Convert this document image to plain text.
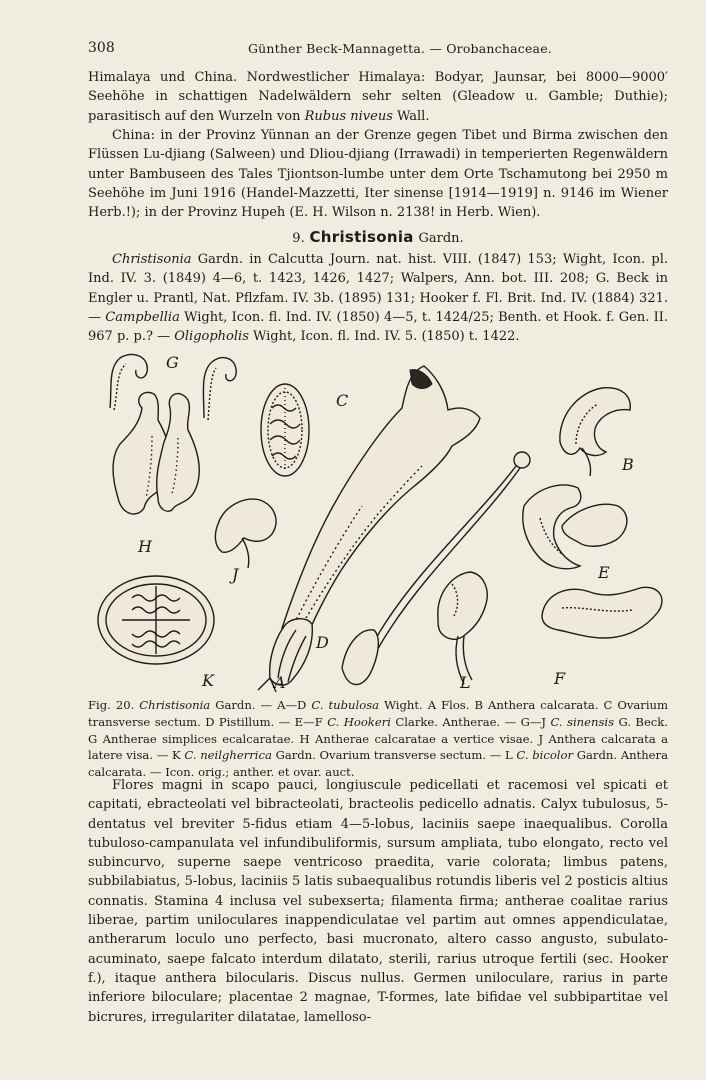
308	Günther Beck-Mannagetta. — Orobanchaceae.

Himalaya und China. Nordwestlicher Himalaya: Bodyar, Jaunsar, bei 8000—9000′ Seehöhe in schattigen Nadelwäldern sehr selten (Gleadow u. Gamble; Duthie); parasitisch auf den Wurzeln von Rubus niveus Wall.

China: in der Provinz Yünnan an der Grenze gegen Tibet und Birma zwischen den Flüssen Lu-djiang (Salween) und Dliou-djiang (Irrawadi) in temperierten Regenwäldern unter Bambuseen des Tales Tjiontson-lumbe unter dem Orte Tschamutong bei 2950 m Seehöhe im Juni 1916 (Handel-Mazzetti, Iter sinense [1914—1919] n. 9146 im Wiener Herb.!); in der Provinz Hupeh (E. H. Wilson n. 2138! in Herb. Wien).

9. Christisonia Gardn.

Christisonia Gardn. in Calcutta Journ. nat. hist. VIII. (1847) 153; Wight, Icon. pl. Ind. IV. 3. (1849) 4—6, t. 1423, 1426, 1427; Walpers, Ann. bot. III. 208; G. Beck in Engler u. Prantl, Nat. Pflzfam. IV. 3b. (1895) 131; Hooker f. Fl. Brit. Ind. IV. (1884) 321. — Campbellia Wight, Icon. fl. Ind. IV. (1850) 4—5, t. 1424/25; Benth. et Hook. f. Gen. II. 967 p. p.? — Oligopholis Wight, Icon. fl. Ind. IV. 5. (1850) t. 1422.

G
C
B
H
J	E
D
K	A	L	F
Fig. 20. Christisonia Gardn. — A—D C. tubulosa Wight. A Flos. B Anthera calcarata. C Ovarium transverse sectum. D Pistillum. — E—F C. Hookeri Clarke. Antherae. — G—J C. sinensis G. Beck. G Antherae simplices ecalcaratae. H Antherae calcaratae a vertice visae. J Anthera calcarata a latere visa. — K C. neilgherrica Gardn. Ovarium transverse sectum. — L C. bicolor Gardn. Anthera calcarata. — Icon. orig.; anther. et ovar. auct.

Flores magni in scapo pauci, longiuscule pedicellati et racemosi vel spicati et capitati, ebracteolati vel bibracteolati, bracteolis pedicello adnatis. Calyx tubulosus, 5-dentatus vel breviter 5-fidus etiam 4—5-lobus, laciniis saepe inaequalibus. Corolla tubuloso-campanulata vel infundibuliformis, sursum ampliata, tubo elongato, recto vel subincurvo, superne saepe ventricoso praedita, varie colorata; limbus patens, subbilabiatus, 5-lobus, laciniis 5 latis subaequalibus rotundis liberis vel 2 posticis altius connatis. Stamina 4 inclusa vel subexserta; filamenta firma; antherae coalitae rarius liberae, partim uniloculares inappendiculatae vel partim aut omnes appendiculatae, antherarum loculo uno perfecto, basi mucronato, altero casso angusto, subulato-acuminato, saepe falcato interdum dilatato, sterili, rarius utroque fertili (sec. Hooker f.), itaque anthera bilocularis. Discus nullus. Germen uniloculare, rarius in parte inferiore biloculare; placentae 2 magnae, T-formes, late bifidae vel subbipartitae vel bicrures, irregulariter dilatatae, lamelloso-
